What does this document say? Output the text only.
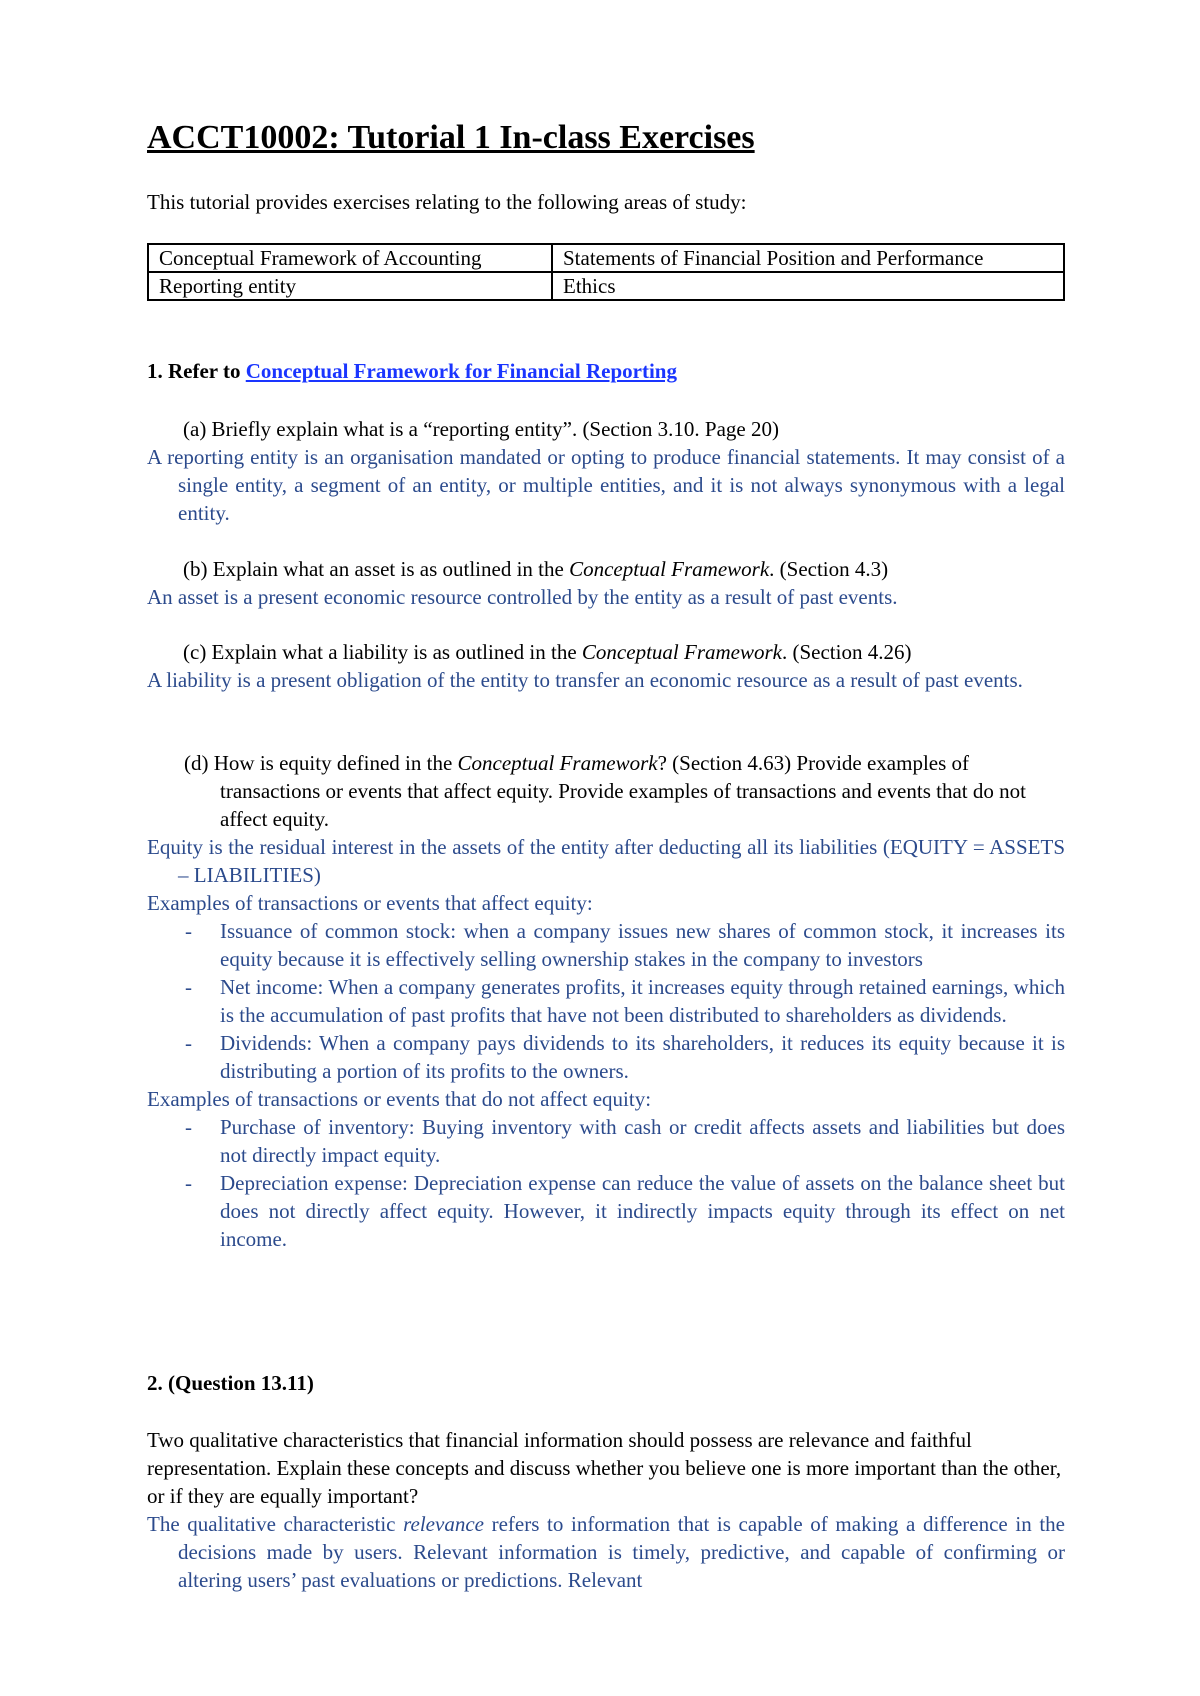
ACCT10002: Tutorial 1 In-class Exercises

This tutorial provides exercises relating to the following areas of study:

Conceptual Framework of Accounting	Statements of Financial Position and Performance
Reporting entity	Ethics

1. Refer to Conceptual Framework for Financial Reporting

(a) Briefly explain what is a “reporting entity”. (Section 3.10. Page 20)

A reporting entity is an organisation mandated or opting to produce financial statements. It may consist of a single entity, a segment of an entity, or multiple entities, and it is not always synonymous with a legal entity.

(b) Explain what an asset is as outlined in the Conceptual Framework. (Section 4.3)

An asset is a present economic resource controlled by the entity as a result of past events.

(c) Explain what a liability is as outlined in the Conceptual Framework. (Section 4.26)

A liability is a present obligation of the entity to transfer an economic resource as a result of past events.

(d) How is equity defined in the Conceptual Framework? (Section 4.63) Provide examples of transactions or events that affect equity. Provide examples of transactions and events that do not affect equity.

Equity is the residual interest in the assets of the entity after deducting all its liabilities (EQUITY = ASSETS – LIABILITIES)

Examples of transactions or events that affect equity:

- Issuance of common stock: when a company issues new shares of common stock, it increases its equity because it is effectively selling ownership stakes in the company to investors
- Net income: When a company generates profits, it increases equity through retained earnings, which is the accumulation of past profits that have not been distributed to shareholders as dividends.
- Dividends: When a company pays dividends to its shareholders, it reduces its equity because it is distributing a portion of its profits to the owners.

Examples of transactions or events that do not affect equity:

- Purchase of inventory: Buying inventory with cash or credit affects assets and liabilities but does not directly impact equity.
- Depreciation expense: Depreciation expense can reduce the value of assets on the balance sheet but does not directly affect equity. However, it indirectly impacts equity through its effect on net income.

2. (Question 13.11)

Two qualitative characteristics that financial information should possess are relevance and faithful representation. Explain these concepts and discuss whether you believe one is more important than the other, or if they are equally important?

The qualitative characteristic relevance refers to information that is capable of making a difference in the decisions made by users. Relevant information is timely, predictive, and capable of confirming or altering users’ past evaluations or predictions. Relevant
